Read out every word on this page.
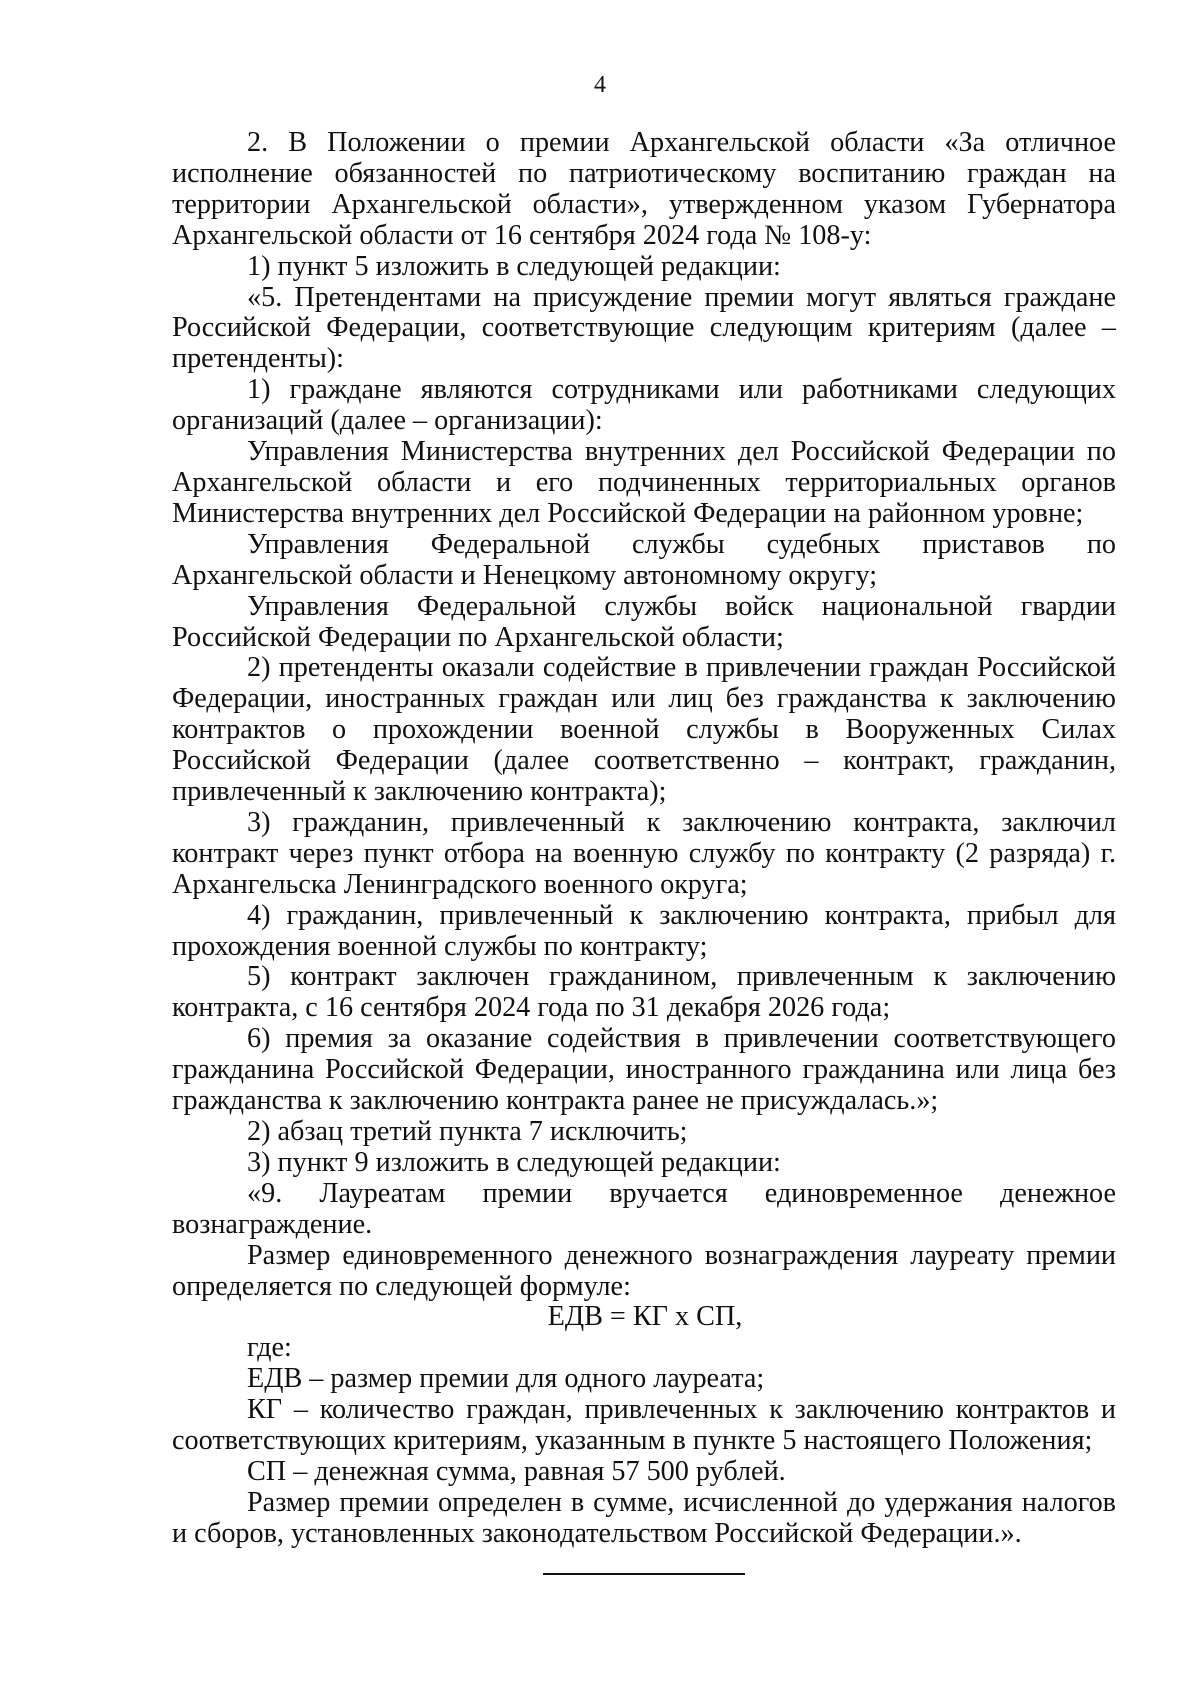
4

2. В Положении о премии Архангельской области «За отличное исполнение обязанностей по патриотическому воспитанию граждан на территории Архангельской области», утвержденном указом Губернатора Архангельской области от 16 сентября 2024 года № 108-у:

1) пункт 5 изложить в следующей редакции:

«5. Претендентами на присуждение премии могут являться граждане Российской Федерации, соответствующие следующим критериям (далее – претенденты):

1) граждане являются сотрудниками или работниками следующих организаций (далее – организации):

Управления Министерства внутренних дел Российской Федерации по Архангельской области и его подчиненных территориальных органов Министерства внутренних дел Российской Федерации на районном уровне;

Управления Федеральной службы судебных приставов по Архангельской области и Ненецкому автономному округу;

Управления Федеральной службы войск национальной гвардии Российской Федерации по Архангельской области;

2) претенденты оказали содействие в привлечении граждан Российской Федерации, иностранных граждан или лиц без гражданства к заключению контрактов о прохождении военной службы в Вооруженных Силах Российской Федерации (далее соответственно – контракт, гражданин, привлеченный к заключению контракта);

3) гражданин, привлеченный к заключению контракта, заключил контракт через пункт отбора на военную службу по контракту (2 разряда) г. Архангельска Ленинградского военного округа;

4) гражданин, привлеченный к заключению контракта, прибыл для прохождения военной службы по контракту;

5) контракт заключен гражданином, привлеченным к заключению контракта, с 16 сентября 2024 года по 31 декабря 2026 года;

6) премия за оказание содействия в привлечении соответствующего гражданина Российской Федерации, иностранного гражданина или лица без гражданства к заключению контракта ранее не присуждалась.»;

2) абзац третий пункта 7 исключить;

3) пункт 9 изложить в следующей редакции:

«9. Лауреатам премии вручается единовременное денежное вознаграждение.

Размер единовременного денежного вознаграждения лауреату премии определяется по следующей формуле:

ЕДВ = КГ х СП,

где:

ЕДВ – размер премии для одного лауреата;

КГ – количество граждан, привлеченных к заключению контрактов и соответствующих критериям, указанным в пункте 5 настоящего Положения;

СП – денежная сумма, равная 57 500 рублей.

Размер премии определен в сумме, исчисленной до удержания налогов и сборов, установленных законодательством Российской Федерации.».
